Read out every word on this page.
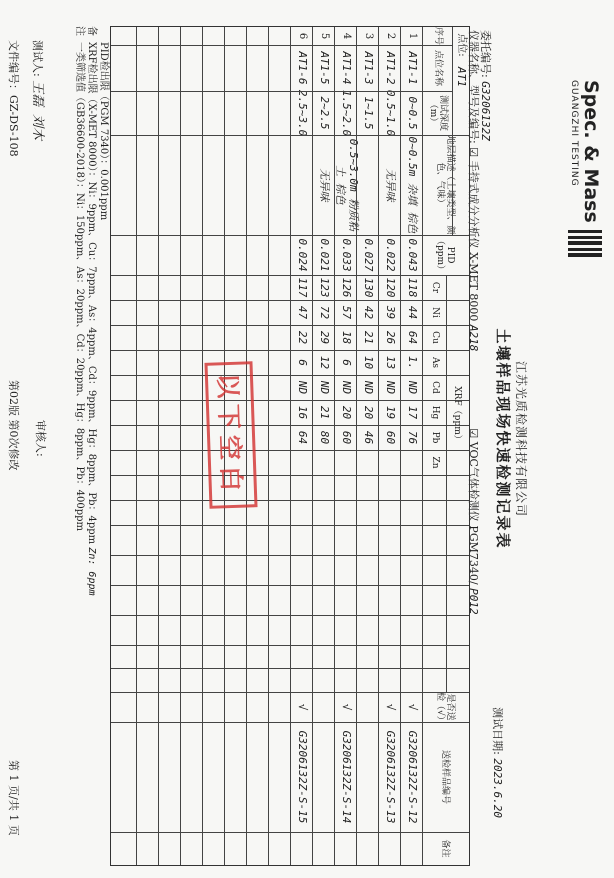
Spec. & Mass
GUANGZHI TESTING
江苏光质检测科技有限公司
土壤样品现场快速检测记录表
测试日期: 2023.6.20
委托编号: G3206132Z
仪器名称、型号及编号: ☑ 手持式成分分析仪 X-MET 8000 A218  ☑ VOC气体检测仪 PGM7340/ P012
点位:
AT1
序号
点位名称
测试深度（m）
地层描述（土壤类型、颜色、气味）
PID（ppm）
XRF（ppm）
Cr
Ni
Cu
As
Cd
Hg
Pb
Zn
是否送检（√）
送检样品编号
备注
1
AT1-1
0~0.5
0~0.5m 杂填 棕色
0.043
118
44
64
1.
ND
17
76
√
G3206132Z-S-12
2
AT1-2
0.5~1.0
无异味
0.022
120
39
26
13
ND
19
60
√
G3206132Z-S-13
3
AT1-3
1~1.5
0.027
130
42
21
10
ND
20
46
4
AT1-4
1.5~2.0
0.5~3.0m 粉质粘土 棕色
0.033
126
57
18
6
ND
20
60
√
G3206132Z-S-14
5
AT1-5
2~2.5
无异味
0.021
123
72
29
12
ND
21
80
6
AT1-6
2.5~3.0
0.024
117
47
22
6
ND
16
64
√
G3206132Z-S-15
以下空白
备注
PID检出限（PGM 7340）：0.001ppm
XRF检出限（X-MET 8000）：Ni：9ppm、Cu：7ppm、As：4ppm、Cd：9ppm、Hg：8ppm、Pb：4ppm Zn: 6ppm
一类筛选值（GB36600-2018）：Ni：150ppm、As：20ppm、Cd：20ppm、Hg：8ppm、Pb：400ppm
测试人: 王磊 刘木
审核人:
文件编号：GZ-DS-108
第02版 第0次修改
第 1 页/共 1 页
